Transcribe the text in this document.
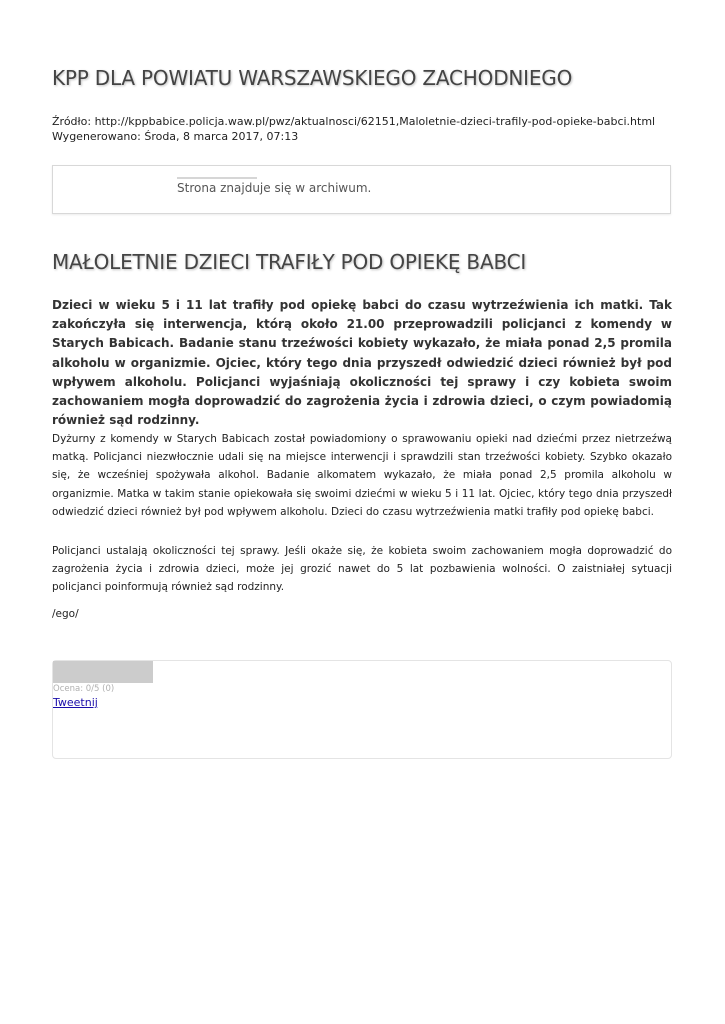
KPP DLA POWIATU WARSZAWSKIEGO ZACHODNIEGO
Źródło: http://kppbabice.policja.waw.pl/pwz/aktualnosci/62151,Maloletnie-dzieci-trafily-pod-opieke-babci.html
Wygenerowano: Środa, 8 marca 2017, 07:13
Strona znajduje się w archiwum.
MAŁOLETNIE DZIECI TRAFIŁY POD OPIEKĘ BABCI

Dzieci w wieku 5 i 11 lat trafiły pod opiekę babci do czasu wytrzeźwienia ich matki. Tak zakończyła się interwencja, którą około 21.00 przeprowadzili policjanci z komendy w Starych Babicach. Badanie stanu trzeźwości kobiety wykazało, że miała ponad 2,5 promila alkoholu w organizmie. Ojciec, który tego dnia przyszedł odwiedzić dzieci również był pod wpływem alkoholu. Policjanci wyjaśniają okoliczności tej sprawy i czy kobieta swoim zachowaniem mogła doprowadzić do zagrożenia życia i zdrowia dzieci, o czym powiadomią również sąd rodzinny.

Dyżurny z komendy w Starych Babicach został powiadomiony o sprawowaniu opieki nad dziećmi przez nietrzeźwą matką. Policjanci niezwłocznie udali się na miejsce interwencji i sprawdzili stan trzeźwości kobiety. Szybko okazało się, że wcześniej spożywała alkohol. Badanie alkomatem wykazało, że miała ponad 2,5 promila alkoholu w organizmie. Matka w takim stanie opiekowała się swoimi dziećmi w wieku 5 i 11 lat. Ojciec, który tego dnia przyszedł odwiedzić dzieci również był pod wpływem alkoholu. Dzieci do czasu wytrzeźwienia matki trafiły pod opiekę babci.

Policjanci ustalają okoliczności tej sprawy. Jeśli okaże się, że kobieta swoim zachowaniem mogła doprowadzić do zagrożenia życia i zdrowia dzieci, może jej grozić nawet do 5 lat pozbawienia wolności. O zaistniałej sytuacji policjanci poinformują również sąd rodzinny.

/ego/
Ocena: 0/5 (0)
Tweetnij
